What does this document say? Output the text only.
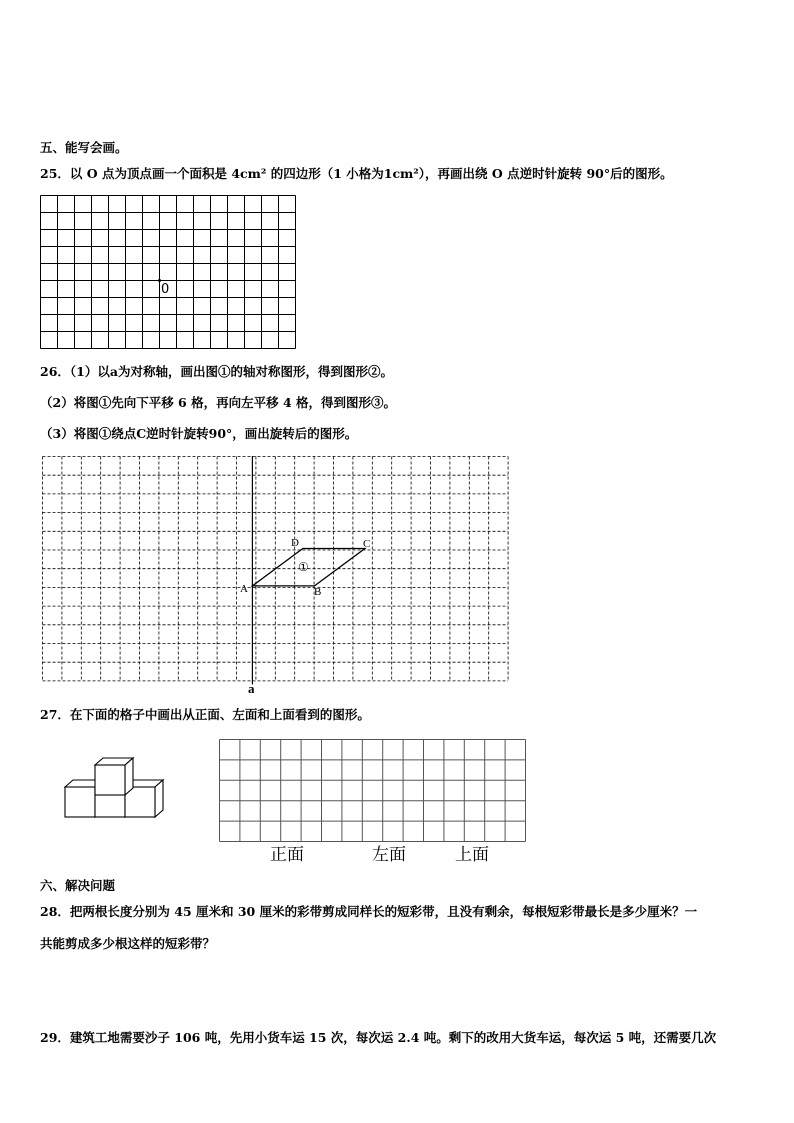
五、能写会画。
25．以 O 点为顶点画一个面积是 4cm² 的四边形（1 小格为1cm²），再画出绕 O 点逆时针旋转 90°后的图形。
0
26．（1）以a为对称轴，画出图①的轴对称图形，得到图形②。
（2）将图①先向下平移 6 格，再向左平移 4 格，得到图形③。
（3）将图①绕点C逆时针旋转90°，画出旋转后的图形。
A	B
C
D
①
a
27．在下面的格子中画出从正面、左面和上面看到的图形。
正面	左面	上面
六、解决问题
28．把两根长度分别为 45 厘米和 30 厘米的彩带剪成同样长的短彩带，且没有剩余，每根短彩带最长是多少厘米？一
共能剪成多少根这样的短彩带？
29．建筑工地需要沙子 106 吨，先用小货车运 15 次，每次运 2.4 吨。剩下的改用大货车运，每次运 5 吨，还需要几次
